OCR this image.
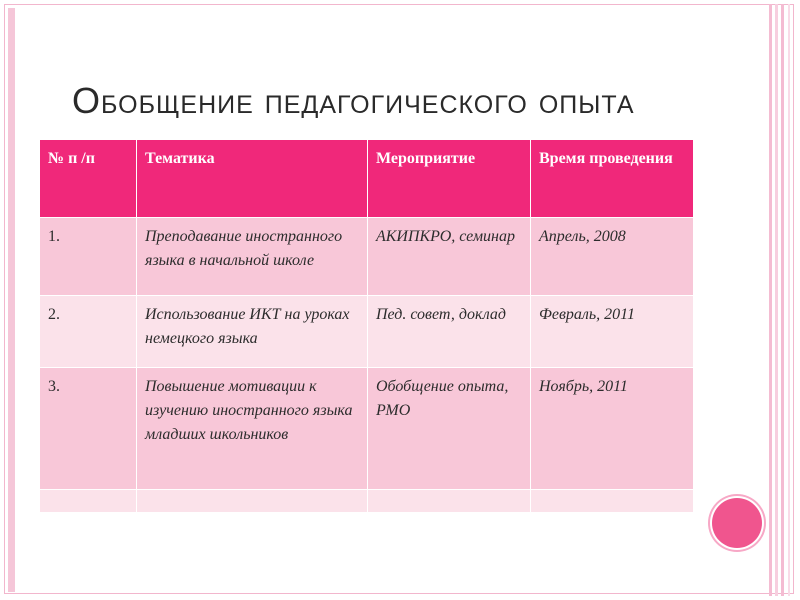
Обобщение педагогического опыта
№ п /п	Тематика	Мероприятие	Время проведения
1.	Преподавание иностранного языка в начальной школе	АКИПКРО, семинар	Апрель, 2008
2.	Использование ИКТ на уроках немецкого языка	Пед. совет, доклад	Февраль, 2011
3.	Повышение мотивации к изучению иностранного языка младших школьников	Обобщение опыта, РМО	Ноябрь, 2011
